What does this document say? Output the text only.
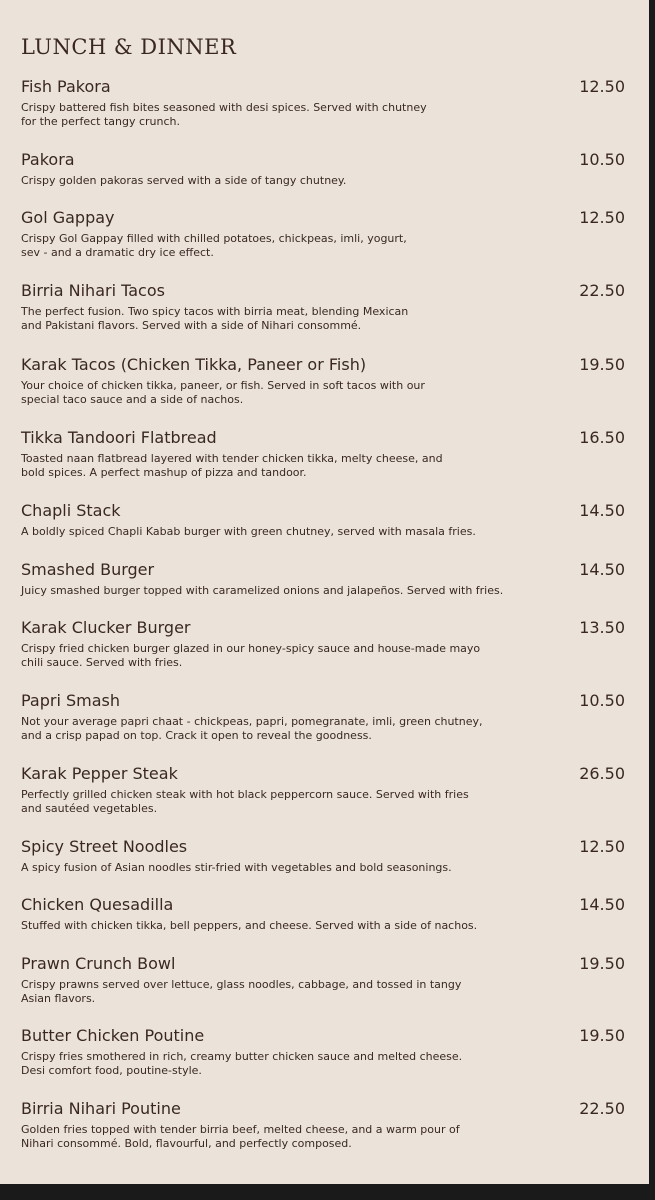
LUNCH & DINNER
Fish Pakora	12.50
Crispy battered fish bites seasoned with desi spices. Served with chutney
for the perfect tangy crunch.
Pakora	10.50
Crispy golden pakoras served with a side of tangy chutney.
Gol Gappay	12.50
Crispy Gol Gappay filled with chilled potatoes, chickpeas, imli, yogurt,
sev - and a dramatic dry ice effect.
Birria Nihari Tacos	22.50
The perfect fusion. Two spicy tacos with birria meat, blending Mexican
and Pakistani flavors. Served with a side of Nihari consommé.
Karak Tacos (Chicken Tikka, Paneer or Fish)	19.50
Your choice of chicken tikka, paneer, or fish. Served in soft tacos with our
special taco sauce and a side of nachos.
Tikka Tandoori Flatbread	16.50
Toasted naan flatbread layered with tender chicken tikka, melty cheese, and
bold spices. A perfect mashup of pizza and tandoor.
Chapli Stack	14.50
A boldly spiced Chapli Kabab burger with green chutney, served with masala fries.
Smashed Burger	14.50
Juicy smashed burger topped with caramelized onions and jalapeños. Served with fries.
Karak Clucker Burger	13.50
Crispy fried chicken burger glazed in our honey-spicy sauce and house-made mayo
chili sauce. Served with fries.
Papri Smash	10.50
Not your average papri chaat - chickpeas, papri, pomegranate, imli, green chutney,
and a crisp papad on top. Crack it open to reveal the goodness.
Karak Pepper Steak	26.50
Perfectly grilled chicken steak with hot black peppercorn sauce. Served with fries
and sautéed vegetables.
Spicy Street Noodles	12.50
A spicy fusion of Asian noodles stir-fried with vegetables and bold seasonings.
Chicken Quesadilla	14.50
Stuffed with chicken tikka, bell peppers, and cheese. Served with a side of nachos.
Prawn Crunch Bowl	19.50
Crispy prawns served over lettuce, glass noodles, cabbage, and tossed in tangy
Asian flavors.
Butter Chicken Poutine	19.50
Crispy fries smothered in rich, creamy butter chicken sauce and melted cheese.
Desi comfort food, poutine-style.
Birria Nihari Poutine	22.50
Golden fries topped with tender birria beef, melted cheese, and a warm pour of
Nihari consommé. Bold, flavourful, and perfectly composed.
